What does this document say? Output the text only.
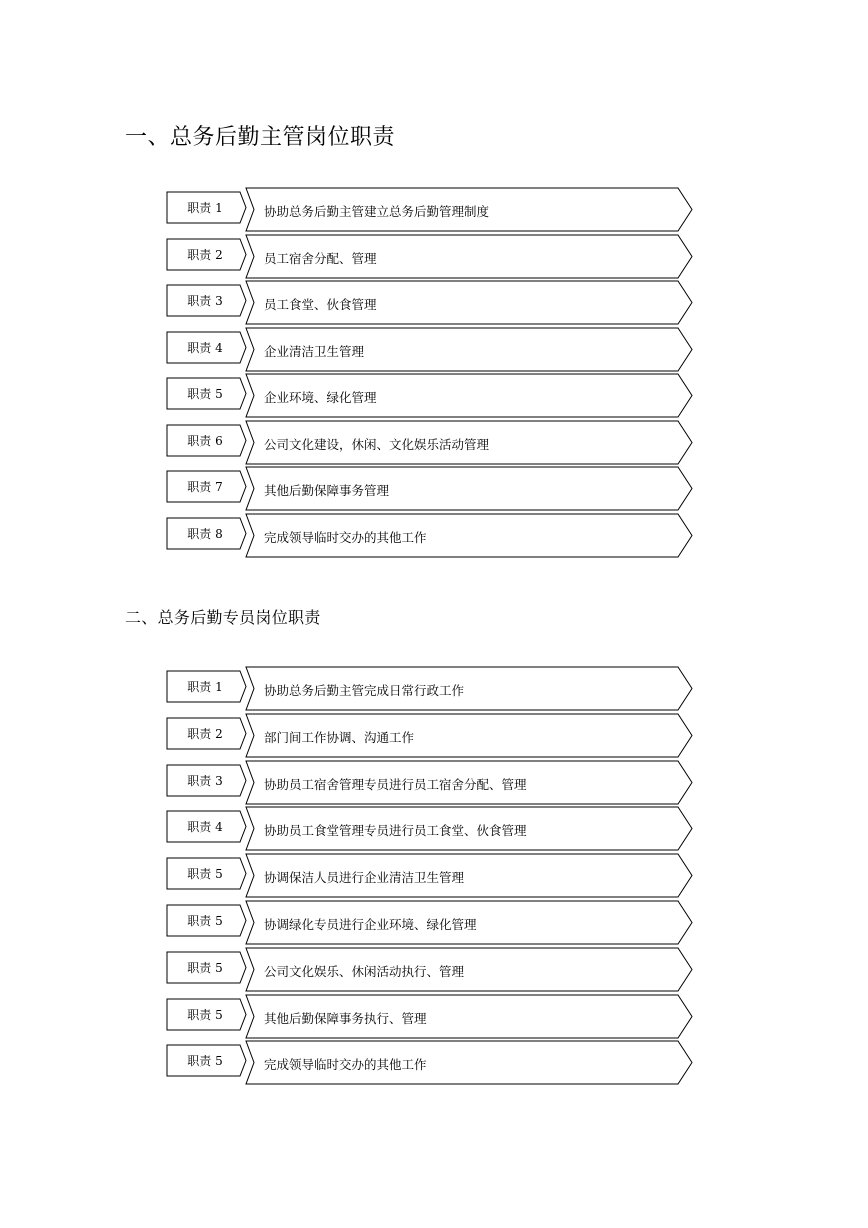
一、总务后勤主管岗位职责
职责 1	协助总务后勤主管建立总务后勤管理制度
职责 2	员工宿舍分配、管理
职责 3	员工食堂、伙食管理
职责 4	企业清洁卫生管理
职责 5	企业环境、绿化管理
职责 6	公司文化建设，休闲、文化娱乐活动管理
职责 7	其他后勤保障事务管理
职责 8	完成领导临时交办的其他工作
二、总务后勤专员岗位职责
职责 1	协助总务后勤主管完成日常行政工作
职责 2	部门间工作协调、沟通工作
职责 3	协助员工宿舍管理专员进行员工宿舍分配、管理
职责 4	协助员工食堂管理专员进行员工食堂、伙食管理
职责 5	协调保洁人员进行企业清洁卫生管理
职责 5	协调绿化专员进行企业环境、绿化管理
职责 5	公司文化娱乐、休闲活动执行、管理
职责 5	其他后勤保障事务执行、管理
职责 5	完成领导临时交办的其他工作
